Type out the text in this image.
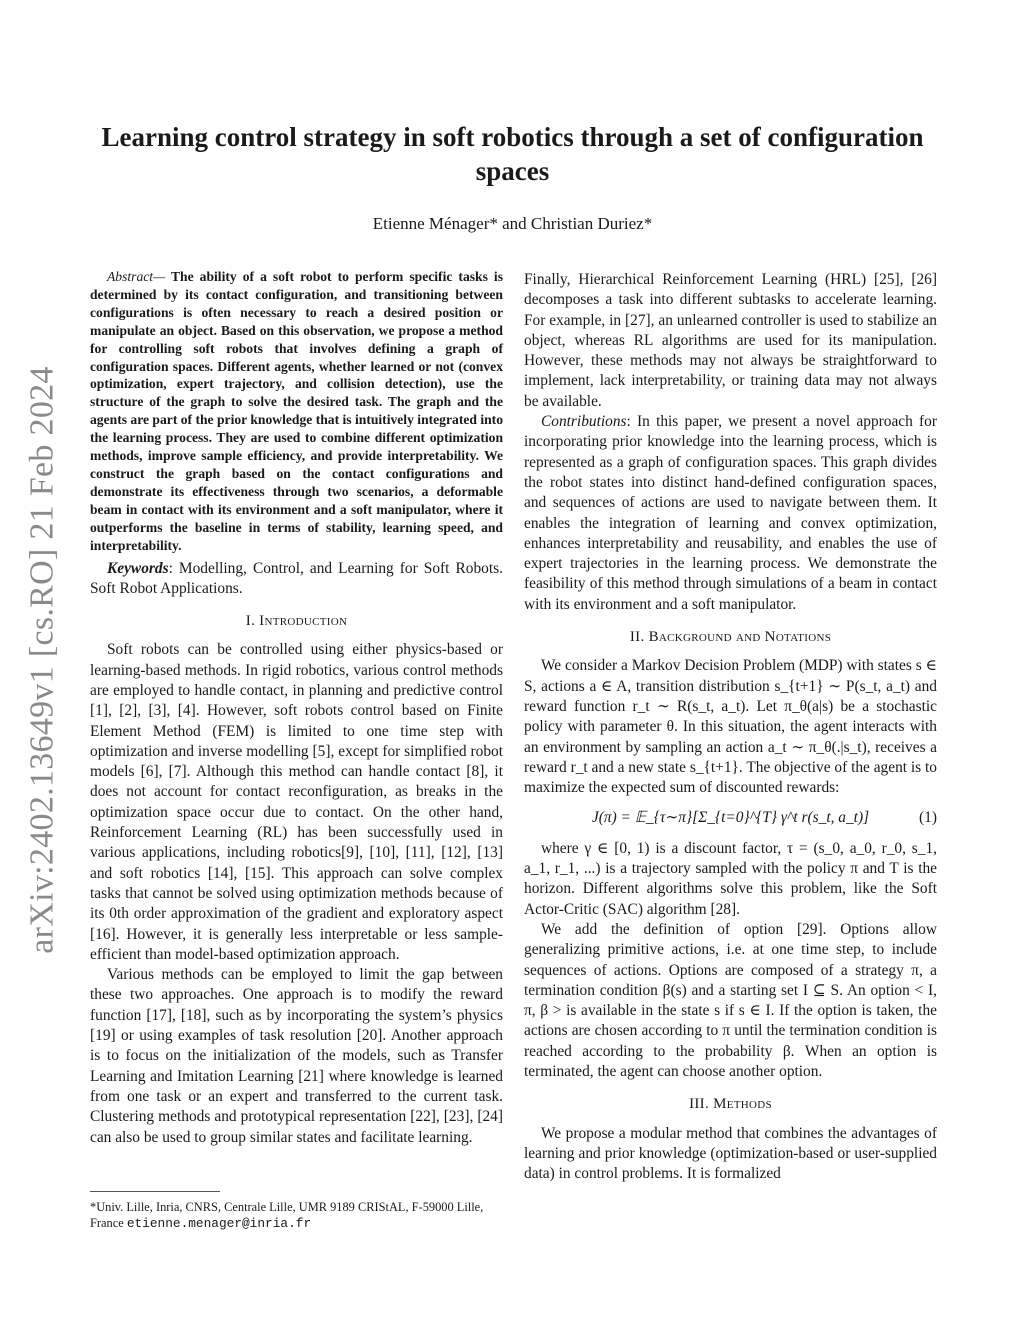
arXiv:2402.13649v1 [cs.RO] 21 Feb 2024
Learning control strategy in soft robotics through a set of configuration spaces
Etienne Ménager* and Christian Duriez*

Abstract— The ability of a soft robot to perform specific tasks is determined by its contact configuration, and transitioning between configurations is often necessary to reach a desired position or manipulate an object. Based on this observation, we propose a method for controlling soft robots that involves defining a graph of configuration spaces. Different agents, whether learned or not (convex optimization, expert trajectory, and collision detection), use the structure of the graph to solve the desired task. The graph and the agents are part of the prior knowledge that is intuitively integrated into the learning process. They are used to combine different optimization methods, improve sample efficiency, and provide interpretability. We construct the graph based on the contact configurations and demonstrate its effectiveness through two scenarios, a deformable beam in contact with its environment and a soft manipulator, where it outperforms the baseline in terms of stability, learning speed, and interpretability.

Keywords: Modelling, Control, and Learning for Soft Robots. Soft Robot Applications.

I. Introduction

Soft robots can be controlled using either physics-based or learning-based methods. In rigid robotics, various control methods are employed to handle contact, in planning and predictive control [1], [2], [3], [4]. However, soft robots control based on Finite Element Method (FEM) is limited to one time step with optimization and inverse modelling [5], except for simplified robot models [6], [7]. Although this method can handle contact [8], it does not account for contact reconfiguration, as breaks in the optimization space occur due to contact. On the other hand, Reinforcement Learning (RL) has been successfully used in various applications, including robotics[9], [10], [11], [12], [13] and soft robotics [14], [15]. This approach can solve complex tasks that cannot be solved using optimization methods because of its 0th order approximation of the gradient and exploratory aspect [16]. However, it is generally less interpretable or less sample-efficient than model-based optimization approach.

Various methods can be employed to limit the gap between these two approaches. One approach is to modify the reward function [17], [18], such as by incorporating the system’s physics [19] or using examples of task resolution [20]. Another approach is to focus on the initialization of the models, such as Transfer Learning and Imitation Learning [21] where knowledge is learned from one task or an expert and transferred to the current task. Clustering methods and prototypical representation [22], [23], [24] can also be used to group similar states and facilitate learning.

*Univ. Lille, Inria, CNRS, Centrale Lille, UMR 9189 CRIStAL, F-59000 Lille, France etienne.menager@inria.fr

Finally, Hierarchical Reinforcement Learning (HRL) [25], [26] decomposes a task into different subtasks to accelerate learning. For example, in [27], an unlearned controller is used to stabilize an object, whereas RL algorithms are used for its manipulation. However, these methods may not always be straightforward to implement, lack interpretability, or training data may not always be available.

Contributions: In this paper, we present a novel approach for incorporating prior knowledge into the learning process, which is represented as a graph of configuration spaces. This graph divides the robot states into distinct hand-defined configuration spaces, and sequences of actions are used to navigate between them. It enables the integration of learning and convex optimization, enhances interpretability and reusability, and enables the use of expert trajectories in the learning process. We demonstrate the feasibility of this method through simulations of a beam in contact with its environment and a soft manipulator.

II. Background and Notations

We consider a Markov Decision Problem (MDP) with states s ∈ S, actions a ∈ A, transition distribution s_{t+1} ∼ P(s_t, a_t) and reward function r_t ∼ R(s_t, a_t). Let π_θ(a|s) be a stochastic policy with parameter θ. In this situation, the agent interacts with an environment by sampling an action a_t ∼ π_θ(.|s_t), receives a reward r_t and a new state s_{t+1}. The objective of the agent is to maximize the expected sum of discounted rewards:

J(π) = 𝔼_{τ∼π}[Σ_{t=0}^{T} γ^t r(s_t, a_t)]	(1)

where γ ∈ [0, 1) is a discount factor, τ = (s_0, a_0, r_0, s_1, a_1, r_1, ...) is a trajectory sampled with the policy π and T is the horizon. Different algorithms solve this problem, like the Soft Actor-Critic (SAC) algorithm [28].

We add the definition of option [29]. Options allow generalizing primitive actions, i.e. at one time step, to include sequences of actions. Options are composed of a strategy π, a termination condition β(s) and a starting set I ⊆ S. An option < I, π, β > is available in the state s if s ∈ I. If the option is taken, the actions are chosen according to π until the termination condition is reached according to the probability β. When an option is terminated, the agent can choose another option.

III. Methods

We propose a modular method that combines the advantages of learning and prior knowledge (optimization-based or user-supplied data) in control problems. It is formalized
